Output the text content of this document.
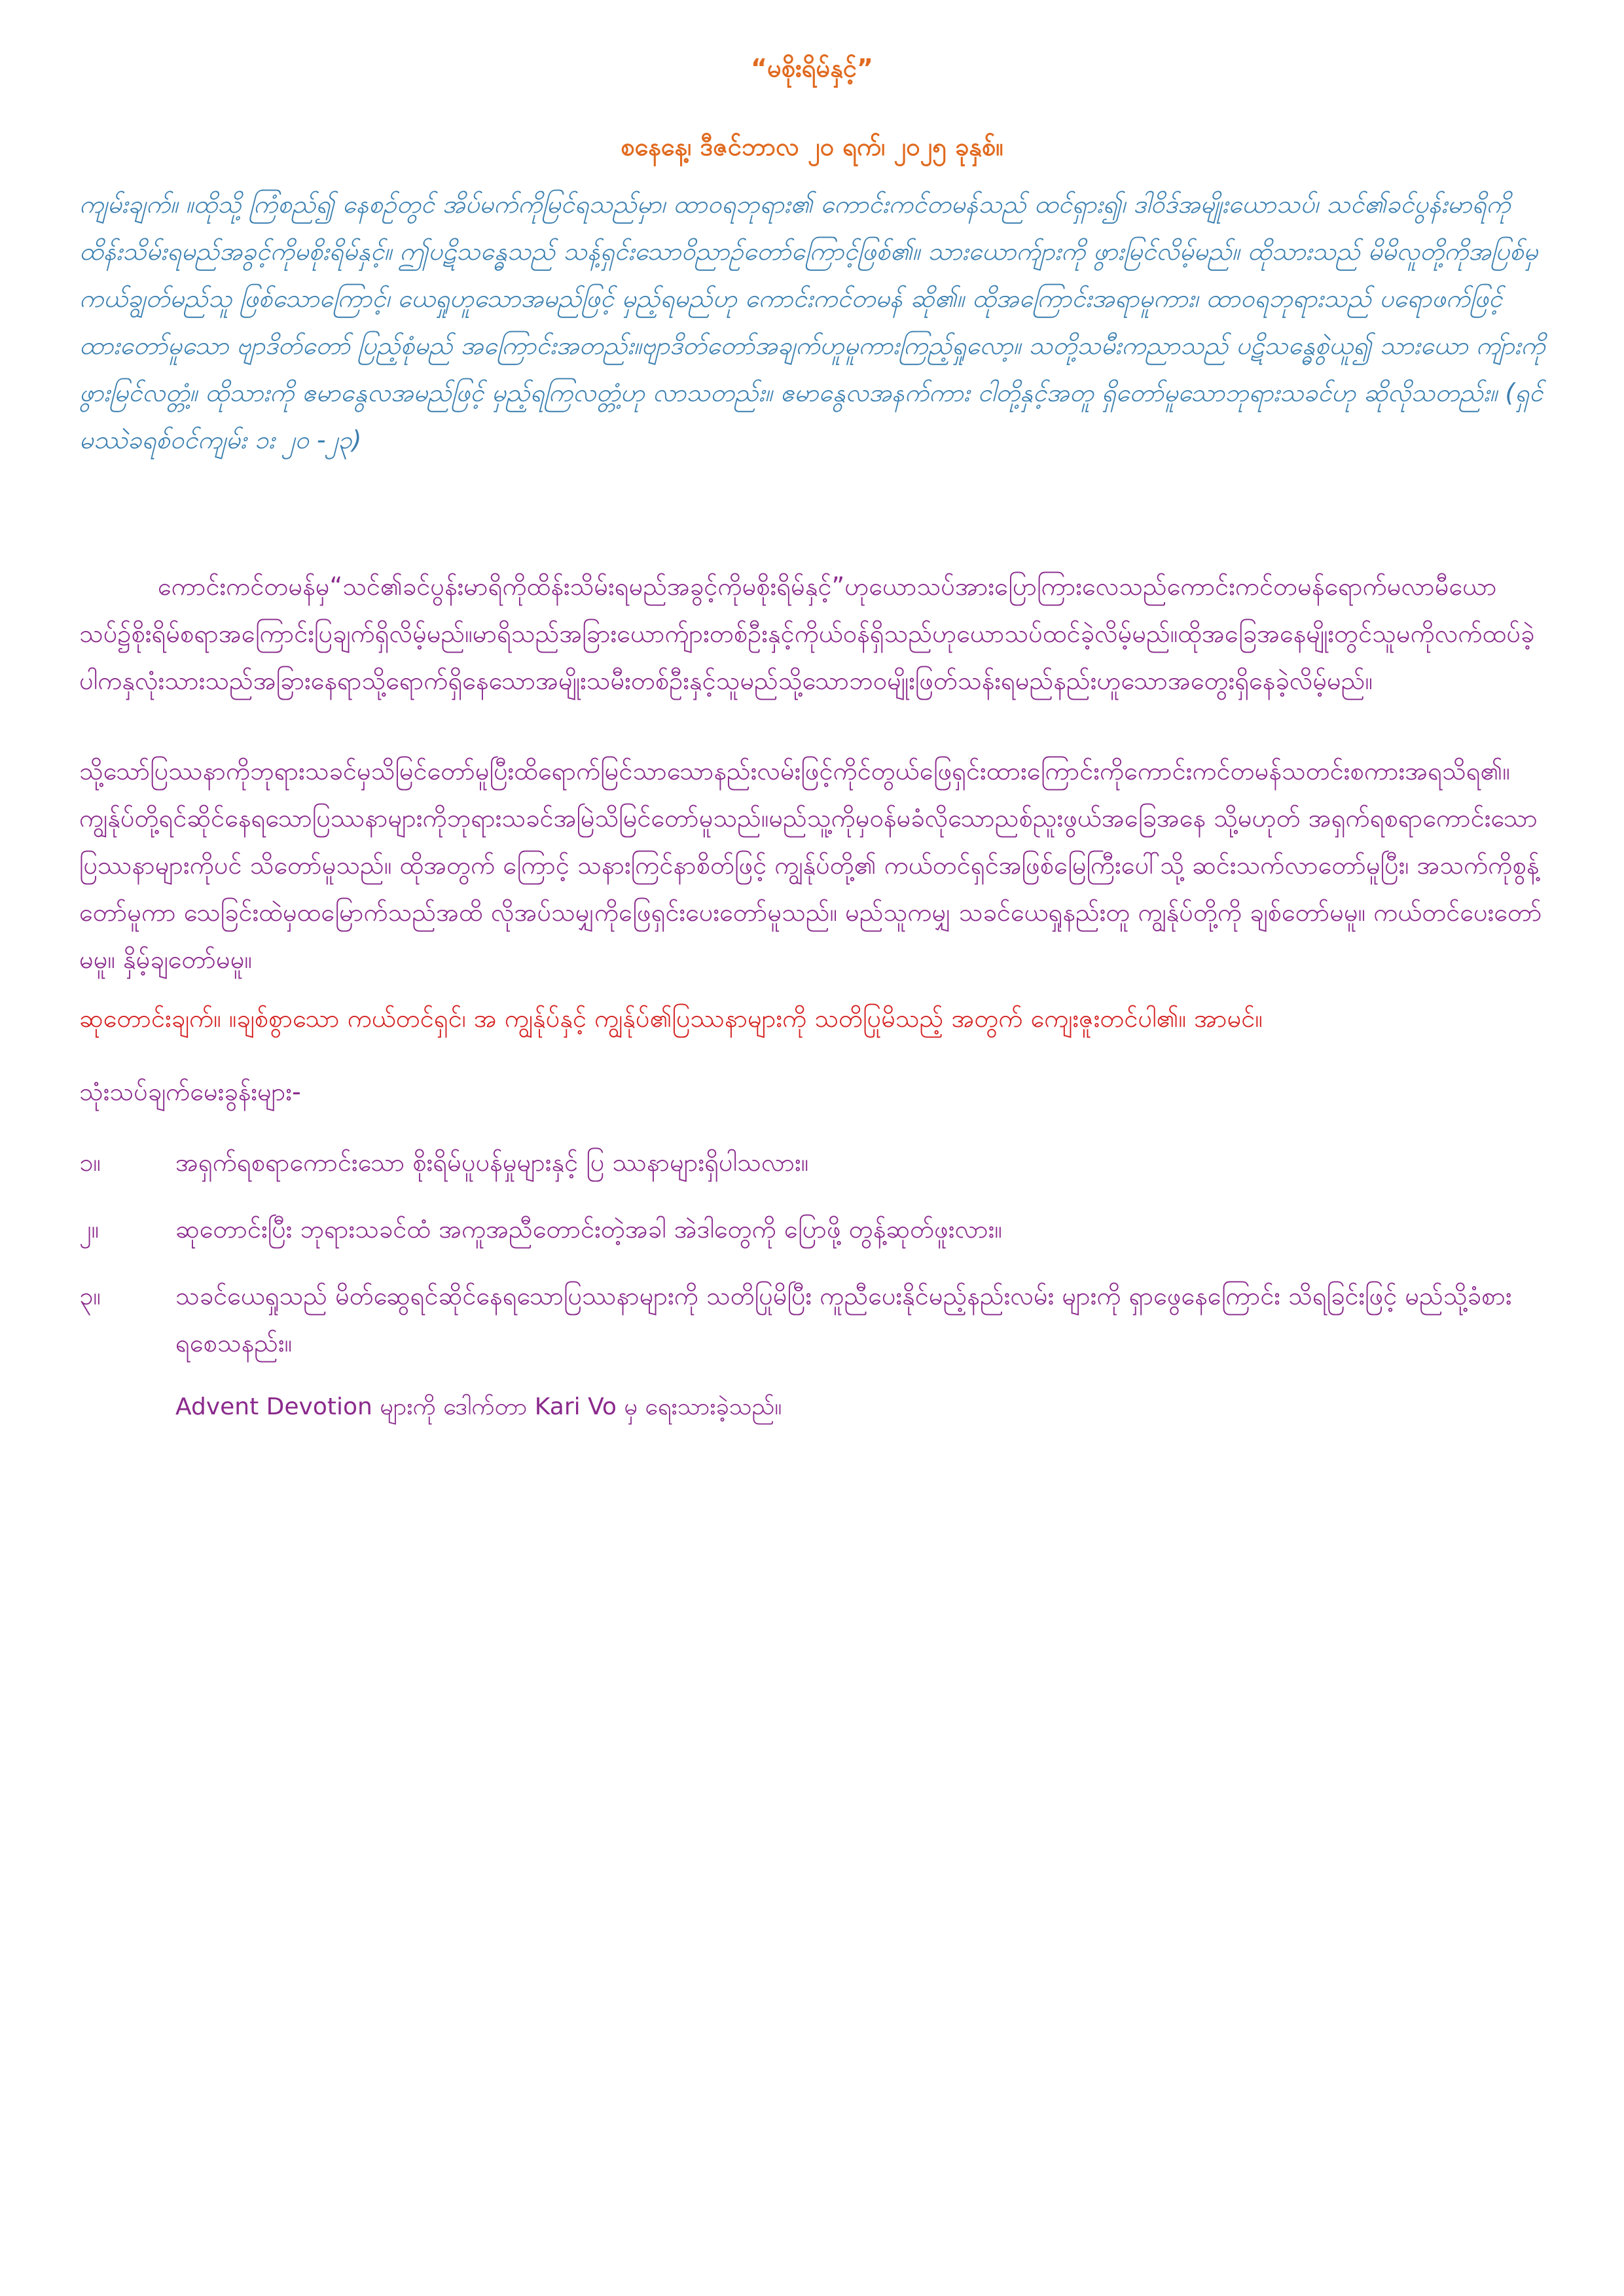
“မစိုးရိမ်နှင့်”
စနေနေ့၊ ဒီဇင်ဘာလ ၂၀ ရက်၊ ၂၀၂၅ ခုနှစ်။
ကျမ်းချက်။ ။ထိုသို့ ကြံစည်၍ နေစဉ်တွင် အိပ်မက်ကိုမြင်ရသည်မှာ၊ ထာဝရဘုရား၏ ကောင်းကင်တမန်သည် ထင်ရှား၍၊ ဒါဝိဒ်အမျိုးယောသပ်၊ သင်၏ခင်ပွန်းမာရိကို ထိန်းသိမ်းရမည်အခွင့်ကိုမစိုးရိမ်နှင့်။ ဤပဋိသန္ဓေသည် သန့်ရှင်းသောဝိညာဉ်တော်ကြောင့်ဖြစ်၏။ သားယောက်ျားကို ဖွားမြင်လိမ့်မည်။ ထိုသားသည် မိမိလူတို့ကိုအပြစ်မှ ကယ်ချွတ်မည်သူ ဖြစ်သောကြောင့်၊ ယေရှုဟူသောအမည်ဖြင့် မှည့်ရမည်ဟု ကောင်းကင်တမန် ဆို၏။ ထိုအကြောင်းအရာမူကား၊ ထာဝရဘုရားသည် ပရောဖက်ဖြင့် ထားတော်မူသော ဗျာဒိတ်တော် ပြည့်စုံမည် အကြောင်းအတည်း။ဗျာဒိတ်တော်အချက်ဟူမူကားကြည့်ရှုလော့။ သတို့သမီးကညာသည် ပဋိသန္ဓေစွဲယူ၍ သားယော ကျ်ားကို ဖွားမြင်လတ္တံ့။ ထိုသားကို ဧမာနွေလအမည်ဖြင့် မှည့်ရကြလတ္တံ့ဟု လာသတည်း။ ဧမာနွေလအနက်ကား ငါတို့နှင့်အတူ ရှိတော်မူသောဘုရားသခင်ဟု ဆိုလိုသတည်း။ (ရှင်မဿဲခရစ်ဝင်ကျမ်း ၁း ၂၀ -၂၃)
ကောင်းကင်တမန်မှ“သင်၏ခင်ပွန်းမာရိကိုထိန်းသိမ်းရမည်အခွင့်ကိုမစိုးရိမ်နှင့်”ဟုယောသပ်အားပြောကြားလေသည်ကောင်းကင်တမန်ရောက်မလာမီယောသပ်၌စိုးရိမ်စရာအကြောင်းပြချက်ရှိလိမ့်မည်။မာရိသည်အခြားယောက်ျားတစ်ဦးနှင့်ကိုယ်ဝန်ရှိသည်ဟုယောသပ်ထင်ခဲ့လိမ့်မည်။ထိုအခြေအနေမျိုးတွင်သူမကိုလက်ထပ်ခဲ့ပါကနှလုံးသားသည်အခြားနေရာသို့ရောက်ရှိနေသောအမျိုးသမီးတစ်ဦးနှင့်သူမည်သို့သောဘဝမျိုးဖြတ်သန်းရမည်နည်းဟူသောအတွေးရှိနေခဲ့လိမ့်မည်။
သို့သော်ပြဿနာကိုဘုရားသခင်မှသိမြင်တော်မူပြီးထိရောက်မြင်သာသောနည်းလမ်းဖြင့်ကိုင်တွယ်ဖြေရှင်းထားကြောင်းကိုကောင်းကင်တမန်သတင်းစကားအရသိရ၏။ကျွန်ုပ်တို့ရင်ဆိုင်နေရသောပြဿနာများကိုဘုရားသခင်အမြဲသိမြင်တော်မူသည်။မည်သူ့ကိုမှဝန်မခံလိုသောညစ်ညူးဖွယ်အခြေအနေ သို့မဟုတ် အရှက်ရစရာကောင်းသော ပြဿနာများကိုပင် သိတော်မူသည်။ ထိုအတွက် ကြောင့် သနားကြင်နာစိတ်ဖြင့် ကျွန်ုပ်တို့၏ ကယ်တင်ရှင်အဖြစ်မြေကြီးပေါ်သို့ ဆင်းသက်လာတော်မူပြီး၊ အသက်ကိုစွန့်တော်မူကာ သေခြင်းထဲမှထမြောက်သည်အထိ လိုအပ်သမျှကိုဖြေရှင်းပေးတော်မူသည်။ မည်သူကမျှ သခင်ယေရှုနည်းတူ ကျွန်ုပ်တို့ကို ချစ်တော်မမူ။ ကယ်တင်ပေးတော်မမူ။ နှိမ့်ချတော်မမူ။
ဆုတောင်းချက်။ ။ချစ်စွာသော ကယ်တင်ရှင်၊ အ ကျွန်ုပ်နှင့် ကျွန်ုပ်၏ပြဿနာများကို သတိပြုမိသည့် အတွက် ကျေးဇူးတင်ပါ၏။ အာမင်။
သုံးသပ်ချက်မေးခွန်းများ-
၁။	အရှက်ရစရာကောင်းသော စိုးရိမ်ပူပန်မှုများနှင့် ပြ ဿနာများရှိပါသလား။
၂။	ဆုတောင်းပြီး ဘုရားသခင်ထံ အကူအညီတောင်းတဲ့အခါ အဲဒါတွေကို ပြောဖို့ တွန့်ဆုတ်ဖူးလား။
၃။	သခင်ယေရှုသည် မိတ်ဆွေရင်ဆိုင်နေရသောပြဿနာများကို သတိပြုမိပြီး ကူညီပေးနိုင်မည့်နည်းလမ်း များကို ရှာဖွေနေကြောင်း သိရခြင်းဖြင့် မည်သို့ခံစားရစေသနည်း။
Advent Devotion များကို ဒေါက်တာ Kari Vo မှ ရေးသားခဲ့သည်။
